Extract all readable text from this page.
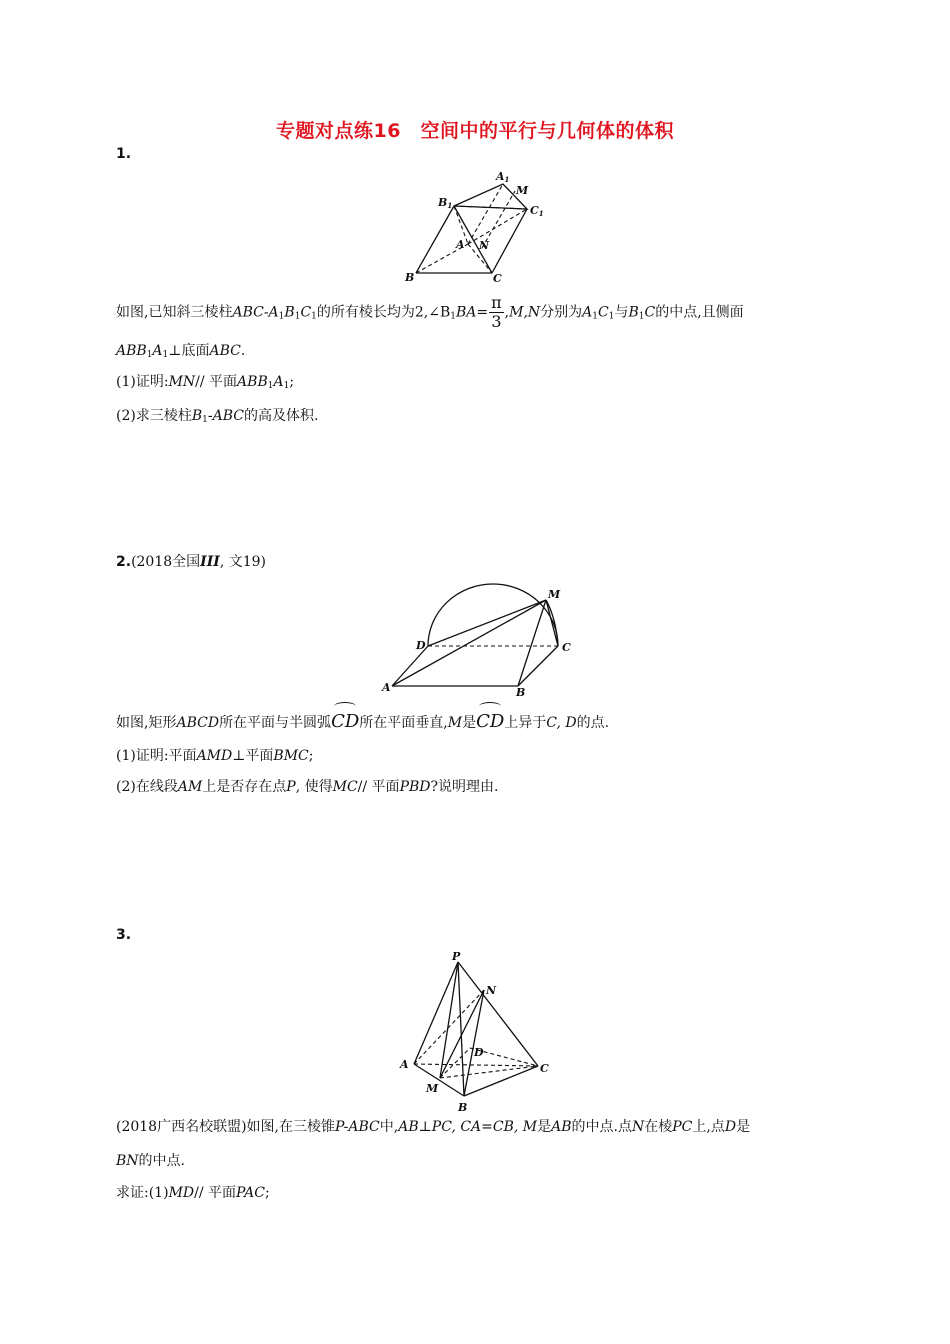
专题对点练16　空间中的平行与几何体的体积
1.
A1
M
B1	C1
A N
B	C
如图,已知斜三棱柱ABC-$A_1B_1C_1$的所有棱长均为$2,\angle B_1BA= \frac{\pi}{3} ,M,N$分别为$A_1C_1$与$B_1C$的中点,且侧面
$ABB_1A_1\perp$底面ABC.
(1)证明:MN// 平面$ABB_1A_1$;
(2)求三棱柱$B_1$-ABC的高及体积.
2.(2018全国III, 文19)
M
D	C
A	B
如图,矩形ABCD所在平面与半圆弧CD所在平面垂直,M是CD上异于C, D的点.
(1)证明:平面AMD⊥平面BMC;
(2)在线段AM上是否存在点P, 使得MC// 平面PBD?说明理由.
3.
P
N
D
A	C
M
B
(2018广西名校联盟)如图,在三棱锥P-ABC中,AB⊥PC, CA=CB, M是AB的中点.点N在棱PC上,点D是
BN的中点.
求证:(1)MD// 平面PAC;
